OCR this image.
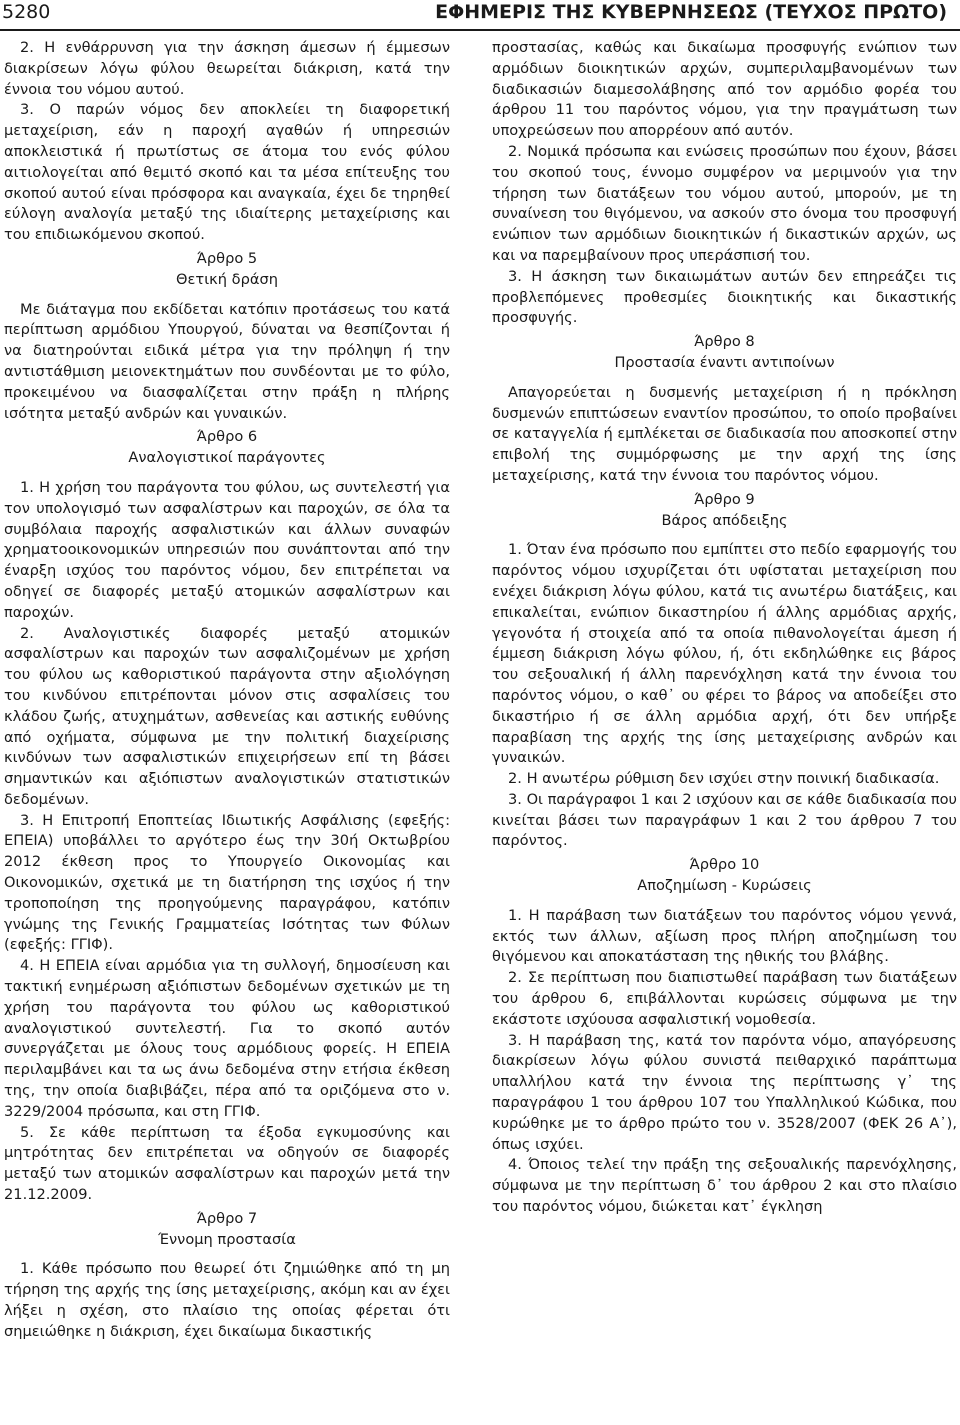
5280	ΕΦΗΜΕΡΙΣ ΤΗΣ ΚΥΒΕΡΝΗΣΕΩΣ (ΤΕΥΧΟΣ ΠΡΩΤΟ)

2. Η ενθάρρυνση για την άσκηση άμεσων ή έμμεσων διακρίσεων λόγω φύλου θεωρείται διάκριση, κατά την έννοια του νόμου αυτού.

3. Ο παρών νόμος δεν αποκλείει τη διαφορετική μεταχείριση, εάν η παροχή αγαθών ή υπηρεσιών αποκλειστικά ή πρωτίστως σε άτομα του ενός φύλου αιτιολογείται από θεμιτό σκοπό και τα μέσα επίτευξης του σκοπού αυτού είναι πρόσφορα και αναγκαία, έχει δε τηρηθεί εύλογη αναλογία μεταξύ της ιδιαίτερης μεταχείρισης και του επιδιωκόμενου σκοπού.

Άρθρο 5
Θετική δράση

Με διάταγμα που εκδίδεται κατόπιν προτάσεως του κατά περίπτωση αρμόδιου Υπουργού, δύναται να θεσπίζονται ή να διατηρούνται ειδικά μέτρα για την πρόληψη ή την αντιστάθμιση μειονεκτημάτων που συνδέονται με το φύλο, προκειμένου να διασφαλίζεται στην πράξη η πλήρης ισότητα μεταξύ ανδρών και γυναικών.

Άρθρο 6
Αναλογιστικοί παράγοντες

1. Η χρήση του παράγοντα του φύλου, ως συντελεστή για τον υπολογισμό των ασφαλίστρων και παροχών, σε όλα τα συμβόλαια παροχής ασφαλιστικών και άλλων συναφών χρηματοοικονομικών υπηρεσιών που συνάπτονται από την έναρξη ισχύος του παρόντος νόμου, δεν επιτρέπεται να οδηγεί σε διαφορές μεταξύ ατομικών ασφαλίστρων και παροχών.

2. Αναλογιστικές διαφορές μεταξύ ατομικών ασφαλίστρων και παροχών των ασφαλιζομένων με χρήση του φύλου ως καθοριστικού παράγοντα στην αξιολόγηση του κινδύνου επιτρέπονται μόνον στις ασφαλίσεις του κλάδου ζωής, ατυχημάτων, ασθενείας και αστικής ευθύνης από οχήματα, σύμφωνα με την πολιτική διαχείρισης κινδύνων των ασφαλιστικών επιχειρήσεων επί τη βάσει σημαντικών και αξιόπιστων αναλογιστικών στατιστικών δεδομένων.

3. Η Επιτροπή Εποπτείας Ιδιωτικής Ασφάλισης (εφεξής: ΕΠΕΙΑ) υποβάλλει το αργότερο έως την 30ή Οκτωβρίου 2012 έκθεση προς το Υπουργείο Οικονομίας και Οικονομικών, σχετικά με τη διατήρηση της ισχύος ή την τροποποίηση της προηγούμενης παραγράφου, κατόπιν γνώμης της Γενικής Γραμματείας Ισότητας των Φύλων (εφεξής: ΓΓΙΦ).

4. Η ΕΠΕΙΑ είναι αρμόδια για τη συλλογή, δημοσίευση και τακτική ενημέρωση αξιόπιστων δεδομένων σχετικών με τη χρήση του παράγοντα του φύλου ως καθοριστικού αναλογιστικού συντελεστή. Για το σκοπό αυτόν συνεργάζεται με όλους τους αρμόδιους φορείς. Η ΕΠΕΙΑ περιλαμβάνει και τα ως άνω δεδομένα στην ετήσια έκθεση της, την οποία διαβιβάζει, πέρα από τα οριζόμενα στο ν. 3229/2004 πρόσωπα, και στη ΓΓΙΦ.

5. Σε κάθε περίπτωση τα έξοδα εγκυμοσύνης και μητρότητας δεν επιτρέπεται να οδηγούν σε διαφορές μεταξύ των ατομικών ασφαλίστρων και παροχών μετά την 21.12.2009.

Άρθρο 7
Έννομη προστασία

1. Κάθε πρόσωπο που θεωρεί ότι ζημιώθηκε από τη μη τήρηση της αρχής της ίσης μεταχείρισης, ακόμη και αν έχει λήξει η σχέση, στο πλαίσιο της οποίας φέρεται ότι σημειώθηκε η διάκριση, έχει δικαίωμα δικαστικής

προστασίας, καθώς και δικαίωμα προσφυγής ενώπιον των αρμόδιων διοικητικών αρχών, συμπεριλαμβανομένων των διαδικασιών διαμεσολάβησης από τον αρμόδιο φορέα του άρθρου 11 του παρόντος νόμου, για την πραγμάτωση των υποχρεώσεων που απορρέουν από αυτόν.

2. Νομικά πρόσωπα και ενώσεις προσώπων που έχουν, βάσει του σκοπού τους, έννομο συμφέρον να μεριμνούν για την τήρηση των διατάξεων του νόμου αυτού, μπορούν, με τη συναίνεση του θιγόμενου, να ασκούν στο όνομα του προσφυγή ενώπιον των αρμόδιων διοικητικών ή δικαστικών αρχών, ως και να παρεμβαίνουν προς υπεράσπισή του.

3. Η άσκηση των δικαιωμάτων αυτών δεν επηρεάζει τις προβλεπόμενες προθεσμίες διοικητικής και δικαστικής προσφυγής.

Άρθρο 8
Προστασία έναντι αντιποίνων

Απαγορεύεται η δυσμενής μεταχείριση ή η πρόκληση δυσμενών επιπτώσεων εναντίον προσώπου, το οποίο προβαίνει σε καταγγελία ή εμπλέκεται σε διαδικασία που αποσκοπεί στην επιβολή της συμμόρφωσης με την αρχή της ίσης μεταχείρισης, κατά την έννοια του παρόντος νόμου.

Άρθρο 9
Βάρος απόδειξης

1. Όταν ένα πρόσωπο που εμπίπτει στο πεδίο εφαρμογής του παρόντος νόμου ισχυρίζεται ότι υφίσταται μεταχείριση που ενέχει διάκριση λόγω φύλου, κατά τις ανωτέρω διατάξεις, και επικαλείται, ενώπιον δικαστηρίου ή άλλης αρμόδιας αρχής, γεγονότα ή στοιχεία από τα οποία πιθανολογείται άμεση ή έμμεση διάκριση λόγω φύλου, ή, ότι εκδηλώθηκε εις βάρος του σεξουαλική ή άλλη παρενόχληση κατά την έννοια του παρόντος νόμου, ο καθ᾽ ου φέρει το βάρος να αποδείξει στο δικαστήριο ή σε άλλη αρμόδια αρχή, ότι δεν υπήρξε παραβίαση της αρχής της ίσης μεταχείρισης ανδρών και γυναικών.

2. Η ανωτέρω ρύθμιση δεν ισχύει στην ποινική διαδικασία.

3. Οι παράγραφοι 1 και 2 ισχύουν και σε κάθε διαδικασία που κινείται βάσει των παραγράφων 1 και 2 του άρθρου 7 του παρόντος.

Άρθρο 10
Αποζημίωση - Κυρώσεις

1. Η παράβαση των διατάξεων του παρόντος νόμου γεννά, εκτός των άλλων, αξίωση προς πλήρη αποζημίωση του θιγόμενου και αποκατάσταση της ηθικής του βλάβης.

2. Σε περίπτωση που διαπιστωθεί παράβαση των διατάξεων του άρθρου 6, επιβάλλονται κυρώσεις σύμφωνα με την εκάστοτε ισχύουσα ασφαλιστική νομοθεσία.

3. Η παράβαση της, κατά τον παρόντα νόμο, απαγόρευσης διακρίσεων λόγω φύλου συνιστά πειθαρχικό παράπτωμα υπαλλήλου κατά την έννοια της περίπτωσης γ᾽ της παραγράφου 1 του άρθρου 107 του Υπαλληλικού Κώδικα, που κυρώθηκε με το άρθρο πρώτο του ν. 3528/2007 (ΦΕΚ 26 Α᾽), όπως ισχύει.

4. Όποιος τελεί την πράξη της σεξουαλικής παρενόχλησης, σύμφωνα με την περίπτωση δ᾽ του άρθρου 2 και στο πλαίσιο του παρόντος νόμου, διώκεται κατ᾽ έγκληση
